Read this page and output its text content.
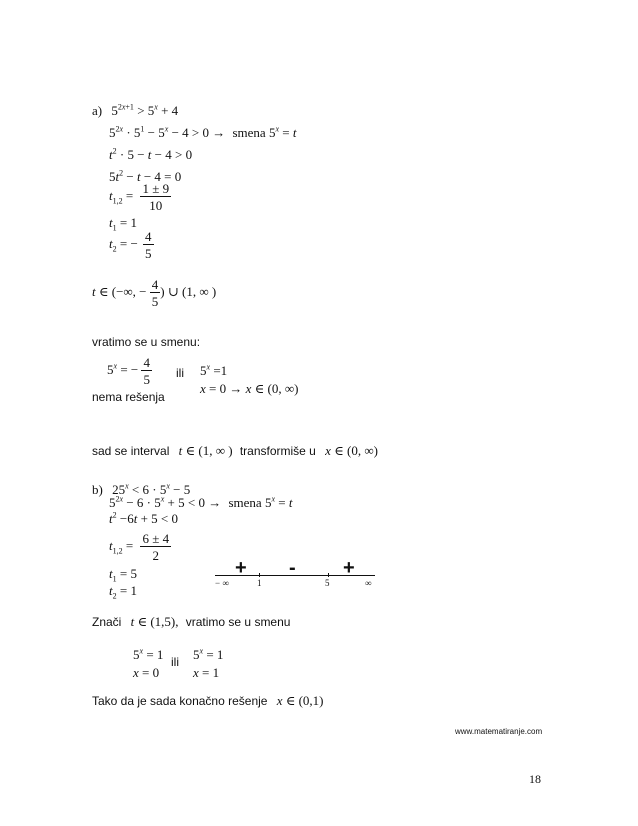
a) $5^{2x+1} > 5^x + 4$
$5^{2x} \cdot 5^1 - 5^x - 4 > 0$ → smena $5^x = t$
$t^2 \cdot 5 - t - 4 > 0$
$5t^2 - t - 4 = 0$
$t_{1,2} = \frac{1 \pm 9}{10}$
$t_1 = 1$
$t_2$ = − $\frac{4}{5}$
t ∈ (−∞, − $\frac{4}{5}$ ) ∪ (1, ∞ )
vratimo se u smenu:
$5^x$ = − $\frac{4}{5}$ ili $5^x =1$
x = 0 → x ∈ (0, ∞)
nema rešenja
sad se interval t ∈ (1, ∞ ) transformiše u x ∈ (0, ∞)
b) $25^x < 6 \cdot 5^x - 5$
$5^{2x} - 6 \cdot 5^x + 5 < 0$ → smena $5^x = t$
$t^2 -6t + 5 < 0$
$t_{1,2} = \frac{6 \pm 4}{2}$
$t_1 = 5$
$t_2 = 1$
+ - +
− ∞	1	5	∞
Znači t ∈ (1,5), vratimo se u smenu
$5^x = 1$
x = 0
ili $5^x = 1$
x = 1
Tako da je sada konačno rešenje x ∈ (0,1)
www.matematiranje.com
18
